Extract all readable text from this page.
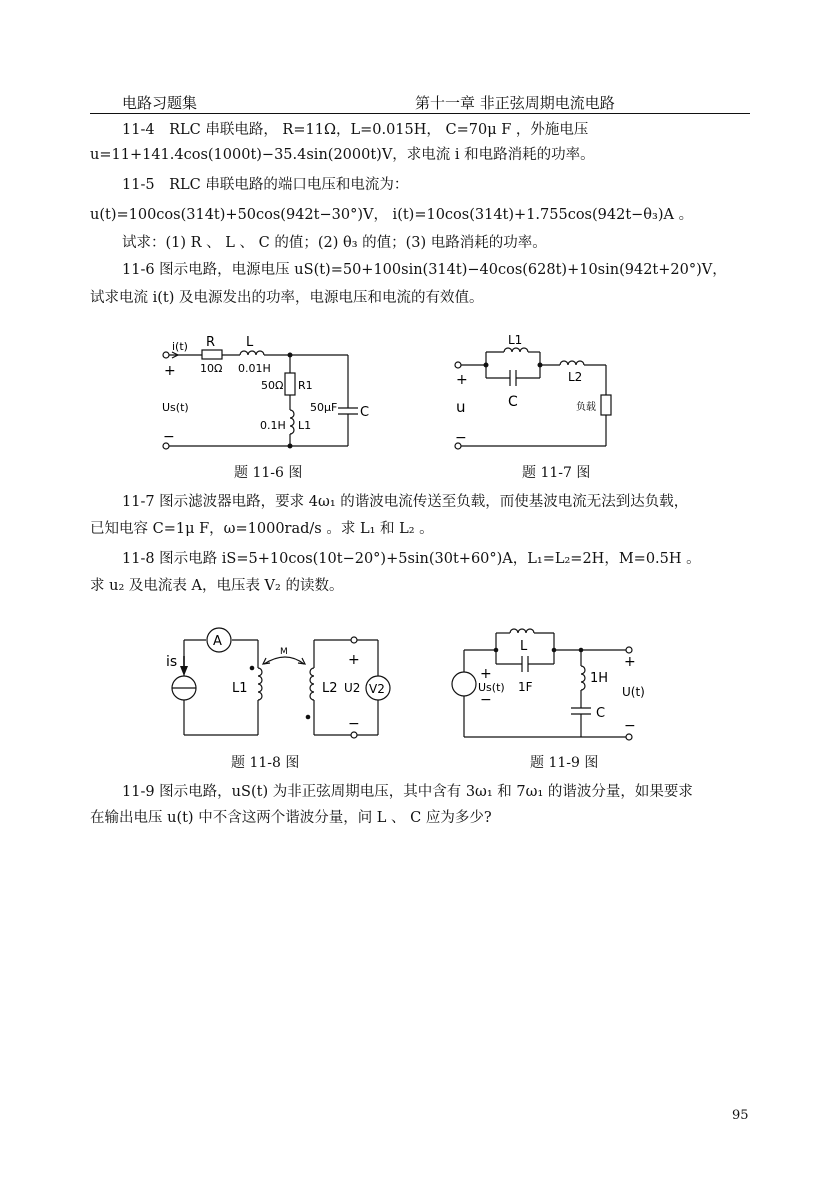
电路习题集	第十一章 非正弦周期电流电路
11-4　RLC 串联电路， R=11Ω，L=0.015H， C=70μ F ，外施电压
u=11+141.4cos(1000t)−35.4sin(2000t)V，求电流 i 和电路消耗的功率。
11-5　RLC 串联电路的端口电压和电流为：
u(t)=100cos(314t)+50cos(942t−30°)V， i(t)=10cos(314t)+1.755cos(942t−θ₃)A 。
试求：(1) R 、 L 、 C 的值；(2) θ₃ 的值；(3) 电路消耗的功率。
11-6 图示电路，电源电压 uS(t)=50+100sin(314t)−40cos(628t)+10sin(942t+20°)V，
试求电流 i(t) 及电源发出的功率，电源电压和电流的有效值。
i(t) R
10Ω
L
0.01H
50Ω R1
+
Us(t)	50μF C
0.1H L1
−
题 11-6 图
L1
+	L2
C
u	负载
−
题 11-7 图
11-7 图示滤波器电路，要求 4ω₁ 的谐波电流传送至负载，而使基波电流无法到达负载，
已知电容 C=1μ F，ω=1000rad/s 。求 L₁ 和 L₂ 。
11-8 图示电路 iS=5+10cos(10t−20°)+5sin(30t+60°)A，L₁=L₂=2H，M=0.5H 。
求 u₂ 及电流表 A，电压表 V₂ 的读数。
A
is
L1
M
L2 U2 V2
+
−
题 11-8 图
L
1F
+
Us(t)
−
1H
C
+
U(t)
−
题 11-9 图
11-9 图示电路，uS(t) 为非正弦周期电压，其中含有 3ω₁ 和 7ω₁ 的谐波分量，如果要求
在输出电压 u(t) 中不含这两个谐波分量，问 L 、 C 应为多少?
95
